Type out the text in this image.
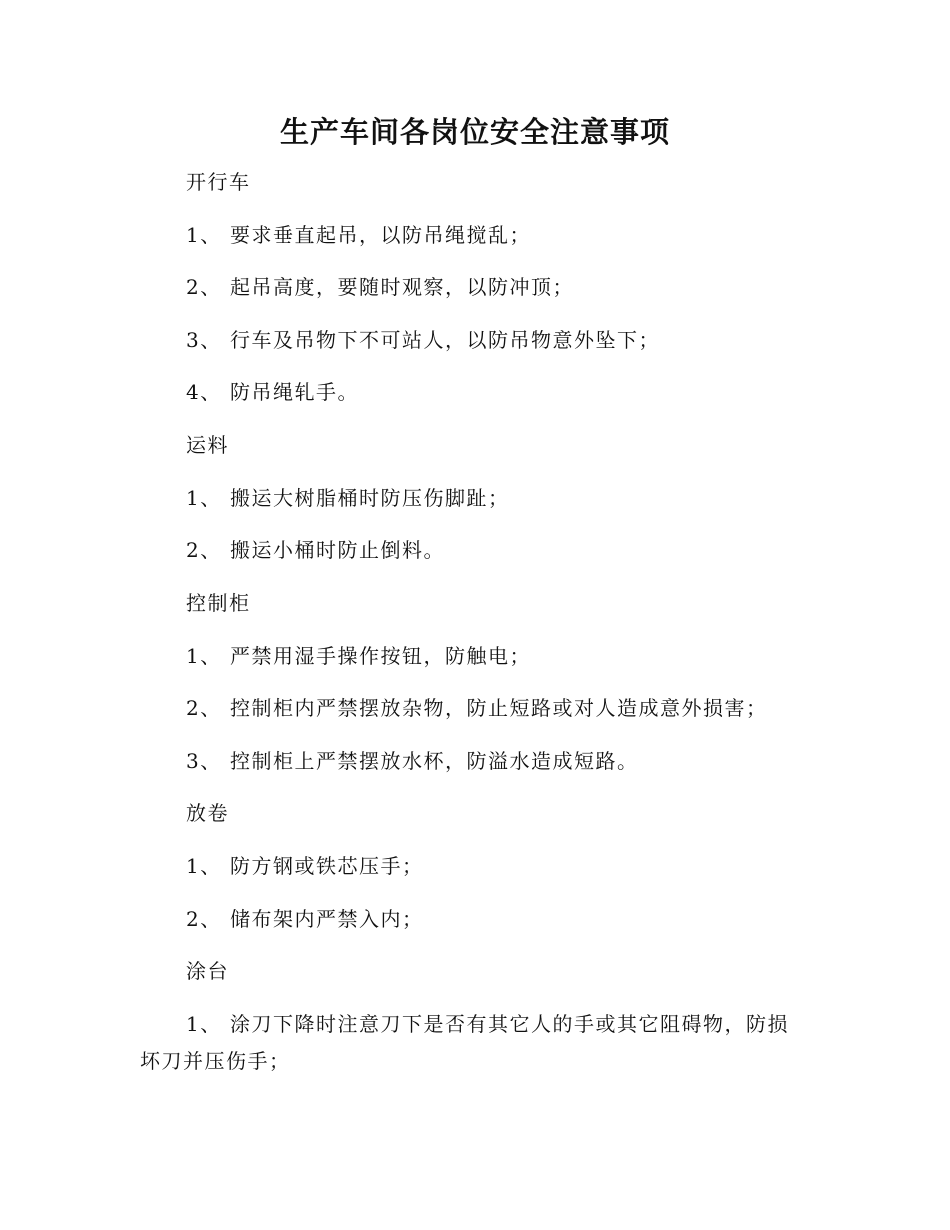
生产车间各岗位安全注意事项
开行车
1、 要求垂直起吊，以防吊绳搅乱；
2、 起吊高度，要随时观察，以防冲顶；
3、 行车及吊物下不可站人，以防吊物意外坠下；
4、 防吊绳轧手。
运料
1、 搬运大树脂桶时防压伤脚趾；
2、 搬运小桶时防止倒料。
控制柜
1、 严禁用湿手操作按钮，防触电；
2、 控制柜内严禁摆放杂物，防止短路或对人造成意外损害；
3、 控制柜上严禁摆放水杯，防溢水造成短路。
放卷
1、 防方钢或铁芯压手；
2、 储布架内严禁入内；
涂台
1、 涂刀下降时注意刀下是否有其它人的手或其它阻碍物，防损
坏刀并压伤手；
